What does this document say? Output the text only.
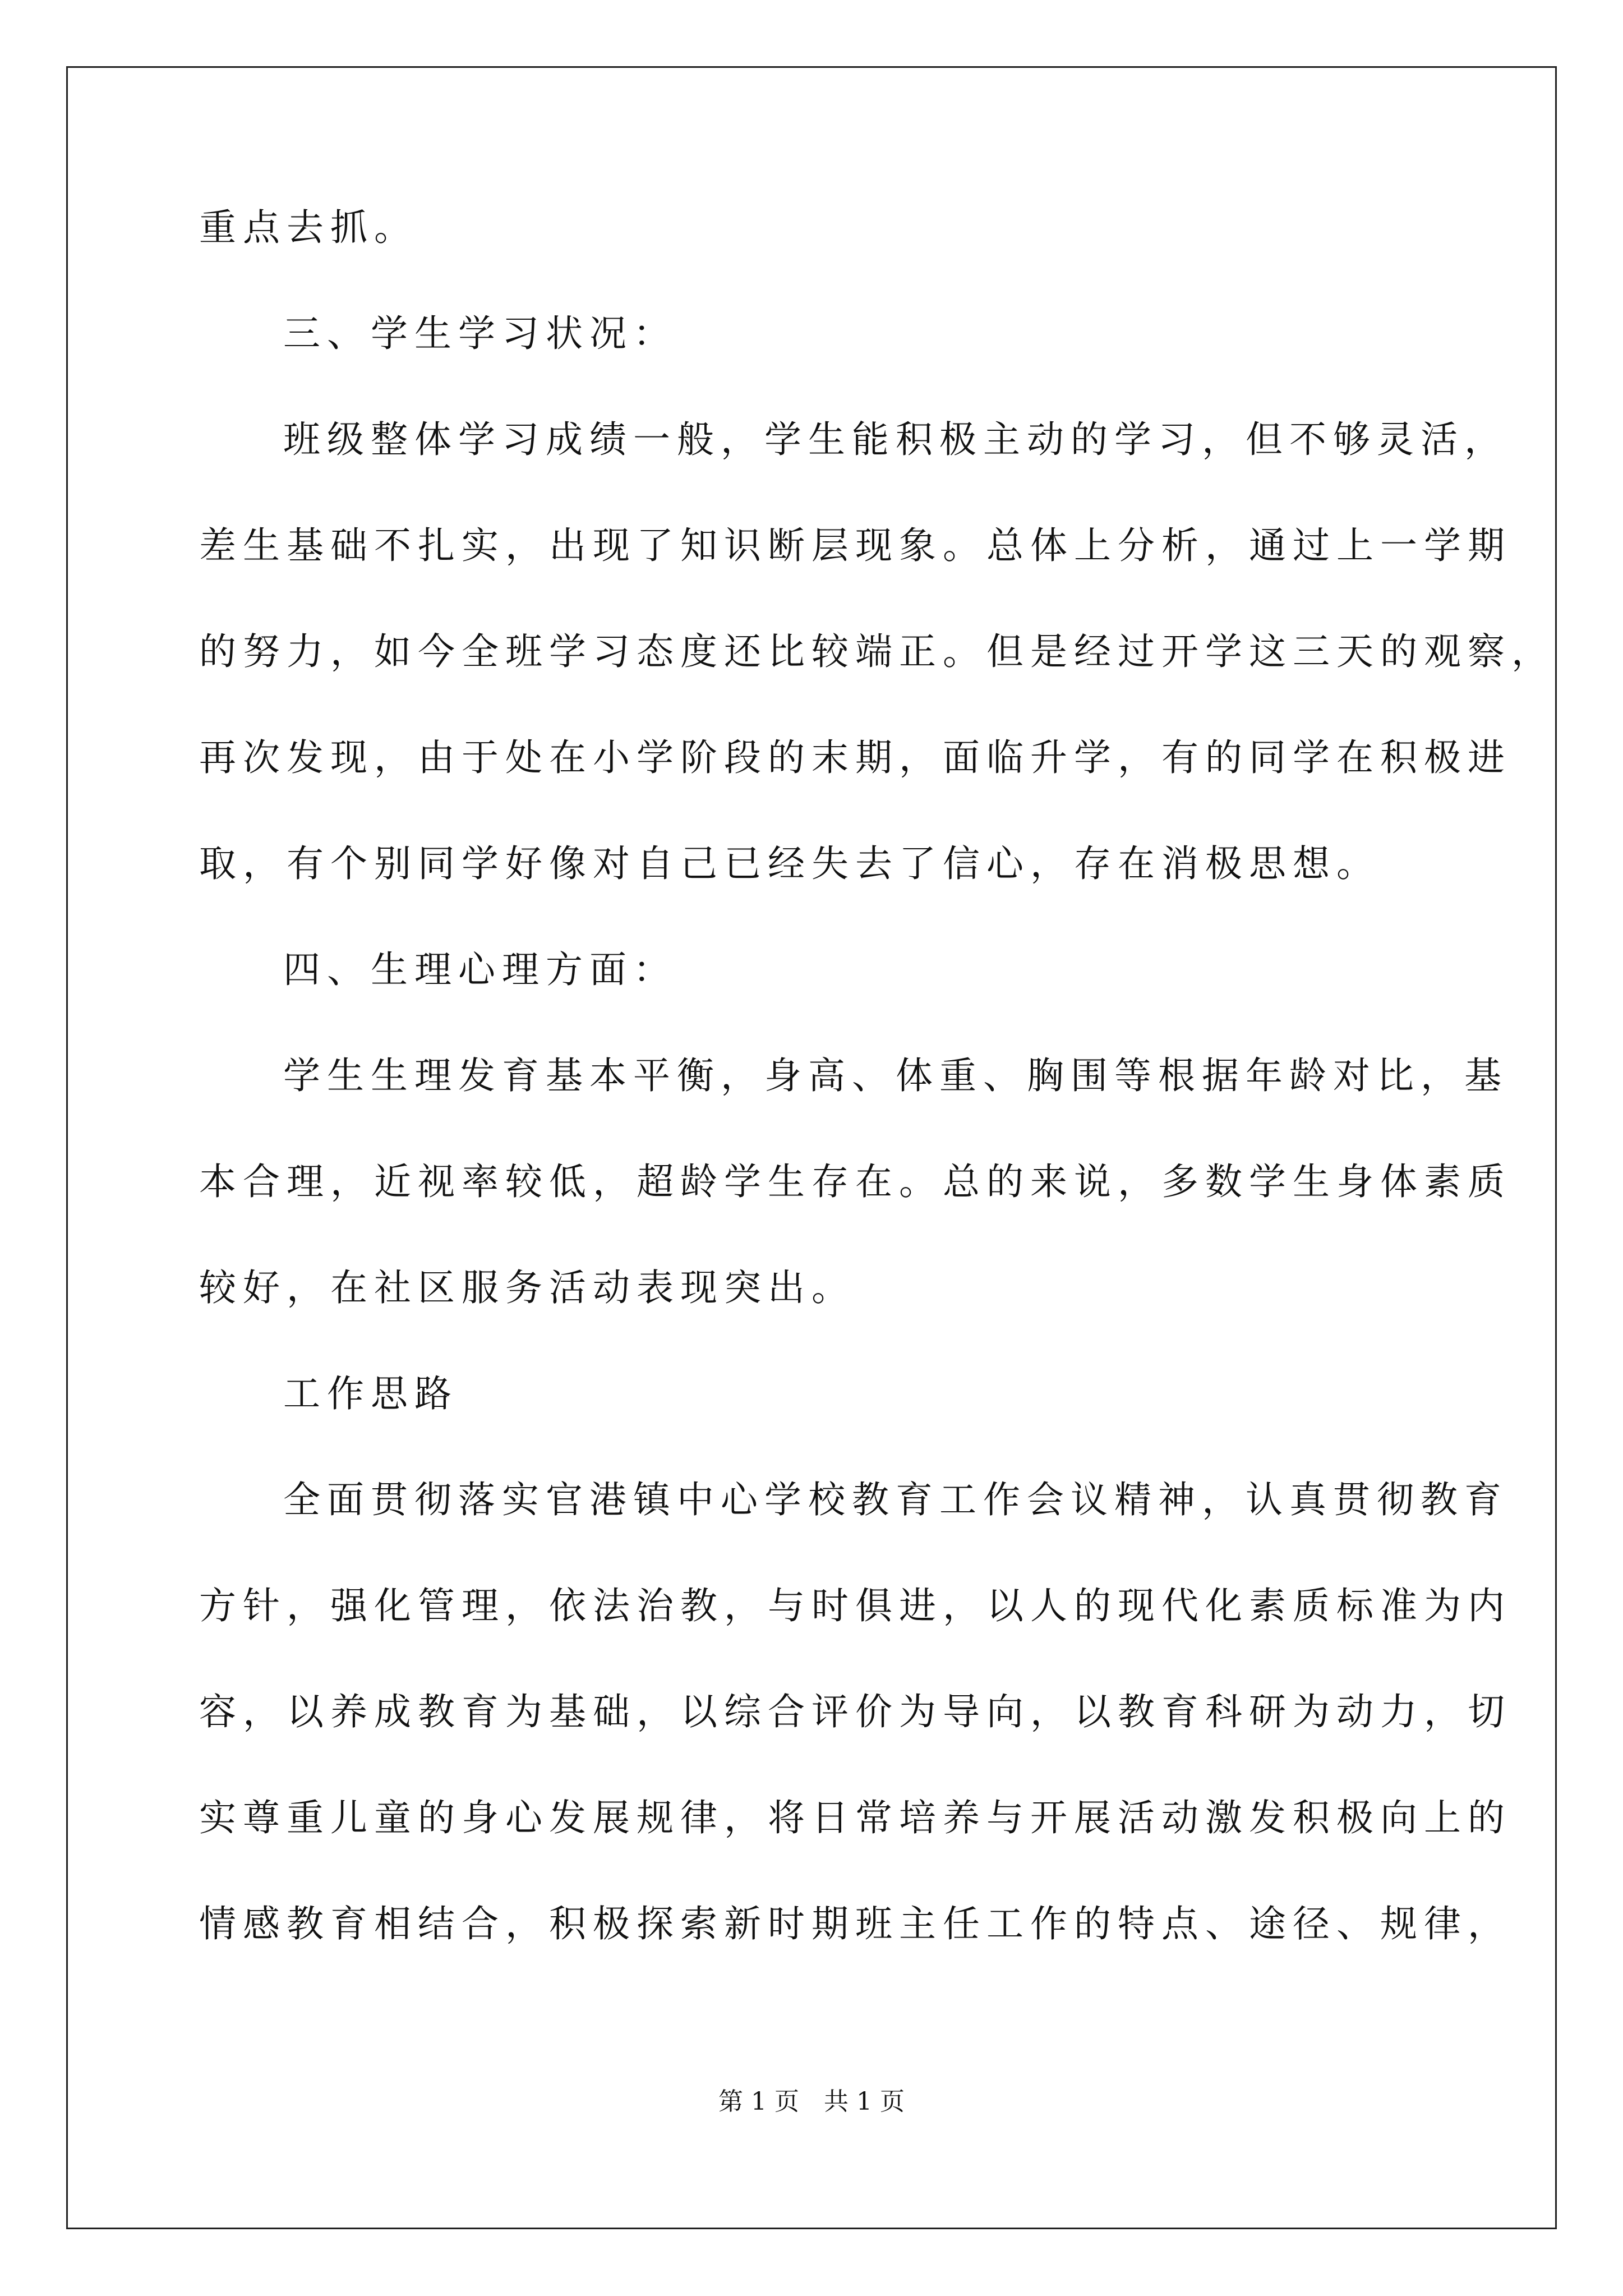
重点去抓。
三、学生学习状况：
班级整体学习成绩一般，学生能积极主动的学习，但不够灵活，
差生基础不扎实，出现了知识断层现象。总体上分析，通过上一学期
的努力，如今全班学习态度还比较端正。但是经过开学这三天的观察，
再次发现，由于处在小学阶段的末期，面临升学，有的同学在积极进
取，有个别同学好像对自己已经失去了信心，存在消极思想。
四、生理心理方面：
学生生理发育基本平衡，身高、体重、胸围等根据年龄对比，基
本合理，近视率较低，超龄学生存在。总的来说，多数学生身体素质
较好，在社区服务活动表现突出。
工作思路
全面贯彻落实官港镇中心学校教育工作会议精神，认真贯彻教育
方针，强化管理，依法治教，与时俱进，以人的现代化素质标准为内
容，以养成教育为基础，以综合评价为导向，以教育科研为动力，切
实尊重儿童的身心发展规律，将日常培养与开展活动激发积极向上的
情感教育相结合，积极探索新时期班主任工作的特点、途径、规律，
第 1 页　共 1 页
